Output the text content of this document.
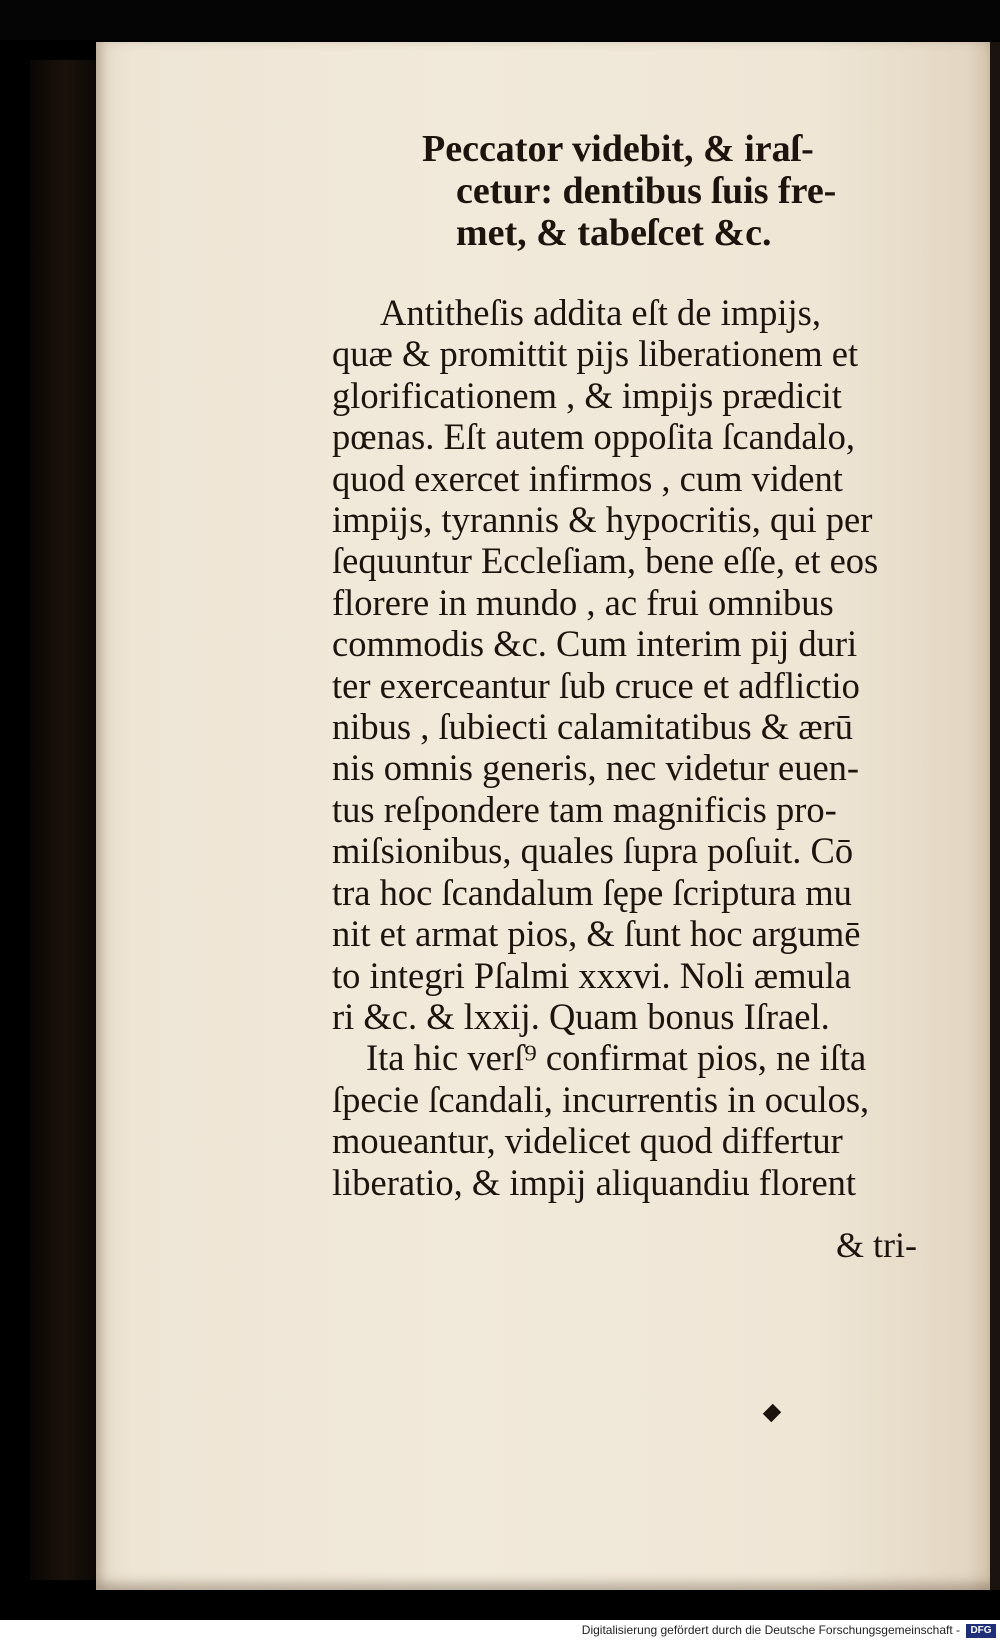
Peccator videbit, & iraſ-
cetur: dentibus ſuis fre-
met, & tabeſcet &c.
Antitheſis addita eſt de impijs,
quæ & promittit pijs liberationem et
glorificationem , & impijs prædicit
pœnas. Eſt autem oppoſita ſcandalo,
quod exercet infirmos , cum vident
impijs, tyrannis & hypocritis, qui per
ſequuntur Eccleſiam, bene eſſe, et eos
florere in mundo , ac frui omnibus
commodis &c. Cum interim pij duri
ter exerceantur ſub cruce et adflictio
nibus , ſubiecti calamitatibus & ærū
nis omnis generis, nec videtur euen-
tus reſpondere tam magnificis pro-
miſsionibus, quales ſupra poſuit. Cō
tra hoc ſcandalum ſępe ſcriptura mu
nit et armat pios, & ſunt hoc argumē
to integri Pſalmi xxxvi. Noli æmula
ri &c. & lxxij. Quam bonus Iſrael.
Ita hic verſ⁹ confirmat pios, ne iſta
ſpecie ſcandali, incurrentis in oculos,
moueantur, videlicet quod differtur
liberatio, & impij aliquandiu florent
& tri-
Digitalisierung gefördert durch die Deutsche Forschungsgemeinschaft -	DFG
